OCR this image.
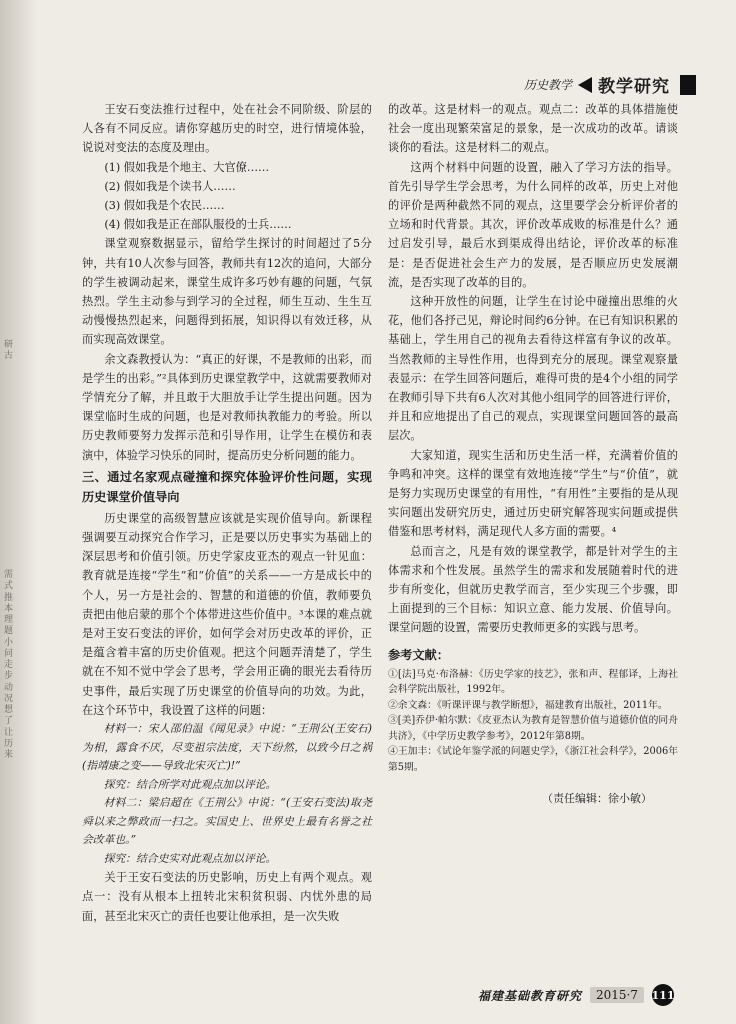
研 古
需式推本理题小问走步动况 想了让历来
历史教学 教学研究

王安石变法推行过程中，处在社会不同阶级、阶层的人各有不同反应。请你穿越历史的时空，进行情境体验，说说对变法的态度及理由。

(1) 假如我是个地主、大官僚……
(2) 假如我是个读书人……
(3) 假如我是个农民……
(4) 假如我是正在部队服役的士兵……

课堂观察数据显示，留给学生探讨的时间超过了5分钟，共有10人次参与回答，教师共有12次的追问，大部分的学生被调动起来，课堂生成许多巧妙有趣的问题，气氛热烈。学生主动参与到学习的全过程，师生互动、生生互动慢慢热烈起来，问题得到拓展，知识得以有效迁移，从而实现高效课堂。

余文森教授认为：“真正的好课，不是教师的出彩，而是学生的出彩。”²具体到历史课堂教学中，这就需要教师对学情充分了解，并且敢于大胆放手让学生提出问题。因为课堂临时生成的问题，也是对教师执教能力的考验。所以历史教师要努力发挥示范和引导作用，让学生在模仿和表演中，体验学习快乐的同时，提高历史分析问题的能力。

三、通过名家观点碰撞和探究体验评价性问题，实现历史课堂价值导向

历史课堂的高级智慧应该就是实现价值导向。新课程强调要互动探究合作学习，正是要以历史事实为基础上的深层思考和价值引领。历史学家皮亚杰的观点一针见血：教育就是连接“学生”和“价值”的关系——一方是成长中的个人，另一方是社会的、智慧的和道德的价值，教师要负责把由他启蒙的那个个体带进这些价值中。³本课的难点就是对王安石变法的评价，如何学会对历史改革的评价，正是蕴含着丰富的历史价值观。把这个问题弄清楚了，学生就在不知不觉中学会了思考，学会用正确的眼光去看待历史事件，最后实现了历史课堂的价值导向的功效。为此，在这个环节中，我设置了这样的问题：

材料一：宋人邵伯温《闻见录》中说：“王荆公(王安石)为相，露食不厌，尽变祖宗法度，天下纷然，以致今日之祸(指靖康之变——导致北宋灭亡)!”

探究：结合所学对此观点加以评论。

材料二：梁启超在《王荆公》中说：“(王安石变法)取尧舜以来之弊政而一扫之。实国史上、世界史上最有名誉之社会改革也。”

探究：结合史实对此观点加以评论。

关于王安石变法的历史影响，历史上有两个观点。观点一：没有从根本上扭转北宋积贫积弱、内忧外患的局面，甚至北宋灭亡的责任也要让他承担，是一次失败

的改革。这是材料一的观点。观点二：改革的具体措施使社会一度出现繁荣富足的景象，是一次成功的改革。请谈谈你的看法。这是材料二的观点。

这两个材料中问题的设置，融入了学习方法的指导。首先引导学生学会思考，为什么同样的改革，历史上对他的评价是两种截然不同的观点，这里要学会分析评价者的立场和时代背景。其次，评价改革成败的标准是什么？通过启发引导，最后水到渠成得出结论，评价改革的标准是：是否促进社会生产力的发展，是否顺应历史发展潮流，是否实现了改革的目的。

这种开放性的问题，让学生在讨论中碰撞出思维的火花，他们各抒己见，辩论时间约6分钟。在已有知识积累的基础上，学生用自己的视角去看待这样富有争议的改革。当然教师的主导性作用，也得到充分的展现。课堂观察量表显示：在学生回答问题后，难得可贵的是4个小组的同学在教师引导下共有6人次对其他小组同学的回答进行评价，并且和应地提出了自己的观点，实现课堂问题回答的最高层次。

大家知道，现实生活和历史生活一样，充满着价值的争鸣和冲突。这样的课堂有效地连接“学生”与“价值”，就是努力实现历史课堂的有用性，“有用性”主要指的是从现实问题出发研究历史，通过历史研究解答现实问题或提供借鉴和思考材料，满足现代人多方面的需要。⁴

总而言之，凡是有效的课堂教学，都是针对学生的主体需求和个性发展。虽然学生的需求和发展随着时代的进步有所变化，但就历史教学而言，至少实现三个步骤，即上面提到的三个目标：知识立意、能力发展、价值导向。课堂问题的设置，需要历史教师更多的实践与思考。

参考文献：
①[法]马克·布洛赫：《历史学家的技艺》，张和声、程郁译，上海社会科学院出版社，1992年。
②余文森：《听课评课与教学断想》，福建教育出版社，2011年。
③[美]乔伊·帕尔默：《皮亚杰认为教育是智慧价值与道德价值的同舟共济》，《中学历史教学参考》，2012年第8期。
④王加丰：《试论年鉴学派的问题史学》，《浙江社会科学》，2006年第5期。
（责任编辑：徐小敏）
福建基础教育研究	2015·7	111
